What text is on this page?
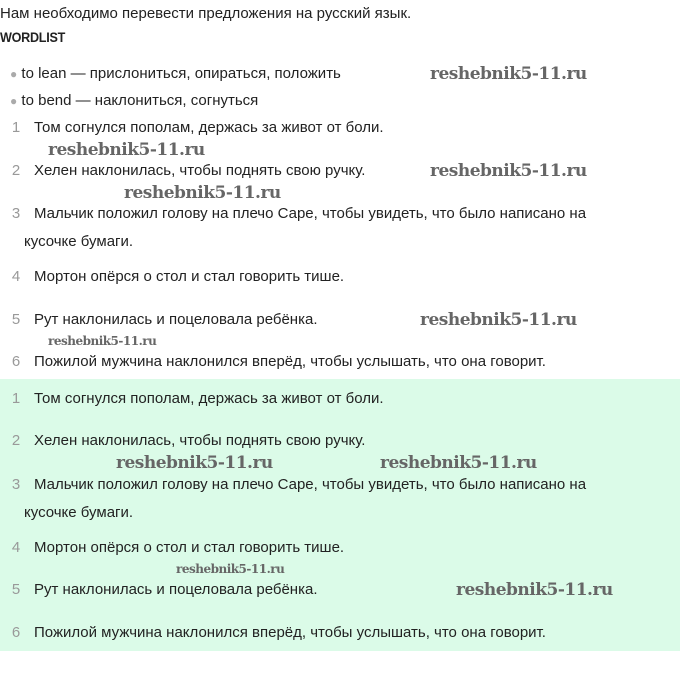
Нам необходимо перевести предложения на русский язык.
WORDLIST
● to lean — прислониться, опираться, положить
● to bend — наклониться, согнуться
1 Том согнулся пополам, держась за живот от боли.
2 Хелен наклонилась, чтобы поднять свою ручку.
3 Мальчик положил голову на плечо Саре, чтобы увидеть, что было написано на
кусочке бумаги.
4 Мортон опёрся о стол и стал говорить тише.
5 Рут наклонилась и поцеловала ребёнка.
6 Пожилой мужчина наклонился вперёд, чтобы услышать, что она говорит.
1 Том согнулся пополам, держась за живот от боли.
2 Хелен наклонилась, чтобы поднять свою ручку.
3 Мальчик положил голову на плечо Саре, чтобы увидеть, что было написано на
кусочке бумаги.
4 Мортон опёрся о стол и стал говорить тише.
5 Рут наклонилась и поцеловала ребёнка.
6 Пожилой мужчина наклонился вперёд, чтобы услышать, что она говорит.
reshebnik5-11.ru
reshebnik5-11.ru
reshebnik5-11.ru
reshebnik5-11.ru
reshebnik5-11.ru
reshebnik5-11.ru
reshebnik5-11.ru	reshebnik5-11.ru
reshebnik5-11.ru
reshebnik5-11.ru
